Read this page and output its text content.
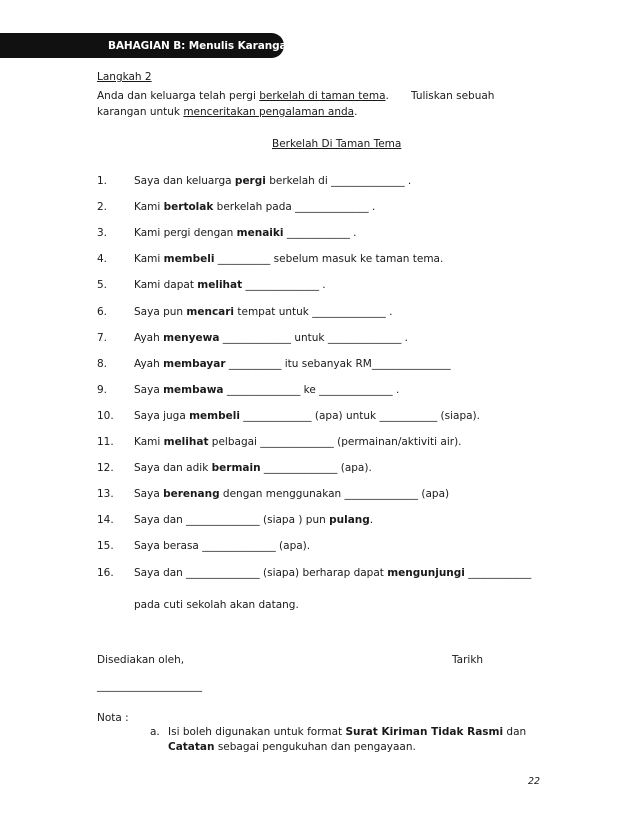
BAHAGIAN B: Menulis Karangan
Langkah 2
Anda dan keluarga telah pergi berkelah di taman tema. Tuliskan sebuah
karangan untuk menceritakan pengalaman anda.
Berkelah Di Taman Tema
1.	Saya dan keluarga pergi berkelah di ______________ .
2.	Kami bertolak berkelah pada ______________ .
3.	Kami pergi dengan menaiki ____________ .
4.	Kami membeli __________ sebelum masuk ke taman tema.
5.	Kami dapat melihat ______________ .
6.	Saya pun mencari tempat untuk ______________ .
7.	Ayah menyewa _____________ untuk ______________ .
8.	Ayah membayar __________ itu sebanyak RM_______________
9.	Saya membawa ______________ ke ______________ .
10. Saya juga membeli _____________ (apa) untuk ___________ (siapa).
11. Kami melihat pelbagai ______________ (permainan/aktiviti air).
12. Saya dan adik bermain ______________ (apa).
13. Saya berenang dengan menggunakan ______________ (apa)
14. Saya dan ______________ (siapa ) pun pulang.
15. Saya berasa ______________ (apa).
16. Saya dan ______________ (siapa) berharap dapat mengunjungi ____________
pada cuti sekolah akan datang.
Disediakan oleh,	Tarikh
____________________
Nota :
a. Isi boleh digunakan untuk format Surat Kiriman Tidak Rasmi dan
Catatan sebagai pengukuhan dan pengayaan.
22
